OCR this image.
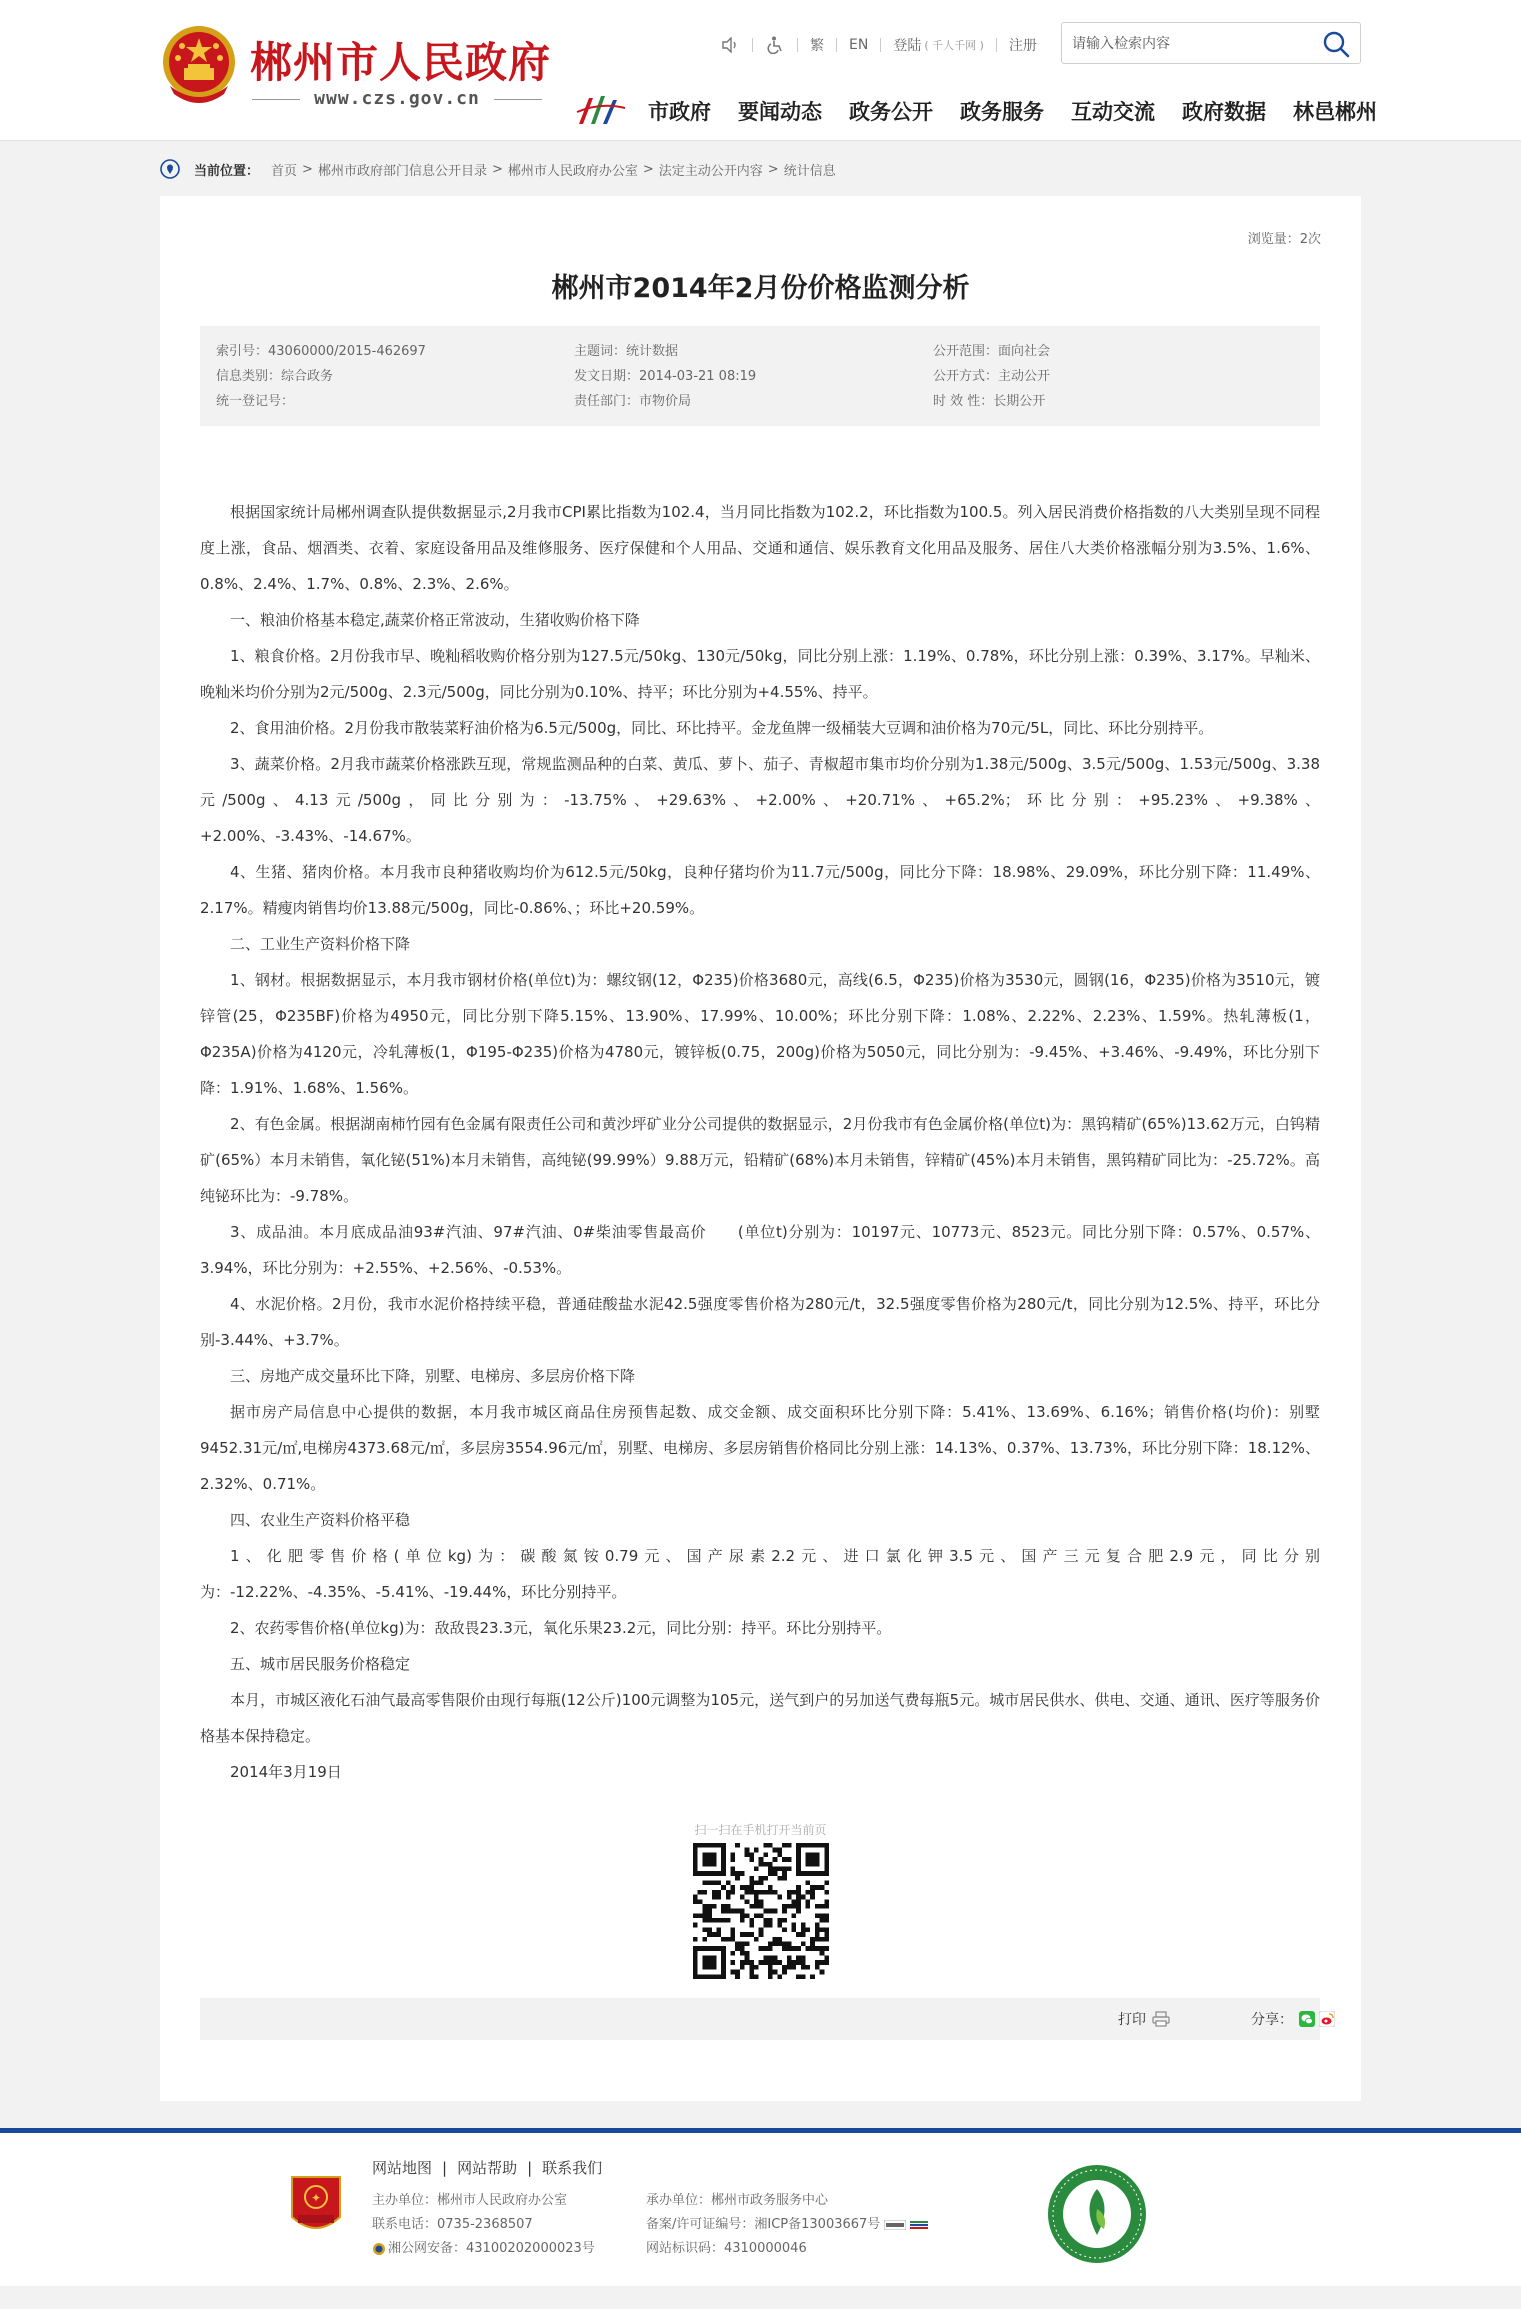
郴州市人民政府
www.czs.gov.cn
繁 EN 登陆 ( 千人千网 ) 注册
请输入检索内容
市政府 要闻动态 政务公开 政务服务 互动交流 政府数据 林邑郴州
当前位置： 首页 > 郴州市政府部门信息公开目录 > 郴州市人民政府办公室 > 法定主动公开内容 > 统计信息
浏览量：2次
郴州市2014年2月份价格监测分析
索引号：43060000/2015-462697
信息类别：综合政务
统一登记号：
主题词：统计数据
发文日期：2014-03-21 08:19
责任部门：市物价局
公开范围：面向社会
公开方式：主动公开
时 效 性：长期公开

根据国家统计局郴州调查队提供数据显示,2月我市CPI累比指数为102.4，当月同比指数为102.2，环比指数为100.5。列入居民消费价格指数的八大类别呈现不同程度上涨，食品、烟酒类、衣着、家庭设备用品及维修服务、医疗保健和个人用品、交通和通信、娱乐教育文化用品及服务、居住八大类价格涨幅分别为3.5%、1.6%、0.8%、2.4%、1.7%、0.8%、2.3%、2.6%。

一、粮油价格基本稳定,蔬菜价格正常波动，生猪收购价格下降

1、粮食价格。2月份我市早、晚籼稻收购价格分别为127.5元/50kg、130元/50kg，同比分别上涨：1.19%、0.78%，环比分别上涨：0.39%、3.17%。早籼米、晚籼米均价分别为2元/500g、2.3元/500g，同比分别为0.10%、持平；环比分别为+4.55%、持平。

2、食用油价格。2月份我市散装菜籽油价格为6.5元/500g，同比、环比持平。金龙鱼牌一级桶装大豆调和油价格为70元/5L，同比、环比分别持平。

3、蔬菜价格。2月我市蔬菜价格涨跌互现，常规监测品种的白菜、黄瓜、萝卜、茄子、青椒超市集市均价分别为1.38元/500g、3.5元/500g、1.53元/500g、3.38元/500g、4.13元/500g，同比分别为：-13.75%、+29.63%、+2.00%、+20.71%、+65.2%；环比分别：+95.23%、+9.38%、+2.00%、-3.43%、-14.67%。

4、生猪、猪肉价格。本月我市良种猪收购均价为612.5元/50kg，良种仔猪均价为11.7元/500g，同比分下降：18.98%、29.09%，环比分别下降：11.49%、2.17%。精瘦肉销售均价13.88元/500g，同比-0.86%、；环比+20.59%。

二、工业生产资料价格下降

1、钢材。根据数据显示，本月我市钢材价格(单位t)为：螺纹钢(12，Φ235)价格3680元，高线(6.5，Φ235)价格为3530元，圆钢(16，Φ235)价格为3510元，镀锌管(25，Φ235BF)价格为4950元，同比分别下降5.15%、13.90%、17.99%、10.00%；环比分别下降：1.08%、2.22%、2.23%、1.59%。热轧薄板(1，Φ235A)价格为4120元，冷轧薄板(1，Φ195-Φ235)价格为4780元，镀锌板(0.75，200g)价格为5050元，同比分别为：-9.45%、+3.46%、-9.49%，环比分别下降：1.91%、1.68%、1.56%。

2、有色金属。根据湖南柿竹园有色金属有限责任公司和黄沙坪矿业分公司提供的数据显示，2月份我市有色金属价格(单位t)为：黑钨精矿(65%)13.62万元，白钨精矿(65%）本月未销售，氧化铋(51%)本月未销售，高纯铋(99.99%）9.88万元，铅精矿(68%)本月未销售，锌精矿(45%)本月未销售，黑钨精矿同比为：-25.72%。高纯铋环比为：-9.78%。

3、成品油。本月底成品油93#汽油、97#汽油、0#柴油零售最高价　　(单位t)分别为：10197元、10773元、8523元。同比分别下降：0.57%、0.57%、3.94%，环比分别为：+2.55%、+2.56%、-0.53%。

4、水泥价格。2月份，我市水泥价格持续平稳，普通硅酸盐水泥42.5强度零售价格为280元/t，32.5强度零售价格为280元/t，同比分别为12.5%、持平，环比分别-3.44%、+3.7%。

三、房地产成交量环比下降，别墅、电梯房、多层房价格下降

据市房产局信息中心提供的数据，本月我市城区商品住房预售起数、成交金额、成交面积环比分别下降：5.41%、13.69%、6.16%；销售价格(均价)：别墅9452.31元/㎡,电梯房4373.68元/㎡，多层房3554.96元/㎡，别墅、电梯房、多层房销售价格同比分别上涨：14.13%、0.37%、13.73%，环比分别下降：18.12%、2.32%、0.71%。

四、农业生产资料价格平稳

1、化肥零售价格(单位kg)为：碳酸氮铵0.79元、国产尿素2.2元、进口氯化钾3.5元、国产三元复合肥2.9元，同比分别为：-12.22%、-4.35%、-5.41%、-19.44%，环比分别持平。

2、农药零售价格(单位kg)为：敌敌畏23.3元，氧化乐果23.2元，同比分别：持平。环比分别持平。

五、城市居民服务价格稳定

本月，市城区液化石油气最高零售限价由现行每瓶(12公斤)100元调整为105元，送气到户的另加送气费每瓶5元。城市居民供水、供电、交通、通讯、医疗等服务价格基本保持稳定。

2014年3月19日

扫一扫在手机打开当前页
打印	分享：
✦
网站地图 | 网站帮助 | 联系我们
主办单位：郴州市人民政府办公室
联系电话：0735-2368507
湘公网安备：43100202000023号
承办单位：郴州市政务服务中心
备案/许可证编号：湘ICP备13003667号
网站标识码：4310000046
